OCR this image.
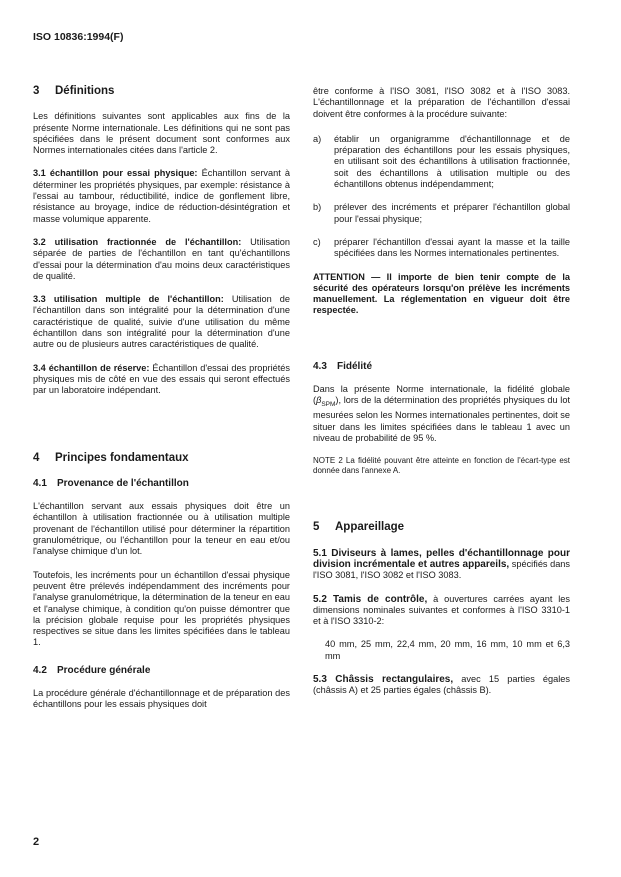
ISO 10836:1994(F)
3 Définitions

Les définitions suivantes sont applicables aux fins de la présente Norme internationale. Les définitions qui ne sont pas spécifiées dans le présent document sont conformes aux Normes internationales citées dans l'article 2.

3.1 échantillon pour essai physique: Échantillon servant à déterminer les propriétés physiques, par exemple: résistance à l'essai au tambour, réductibilité, indice de gonflement libre, résistance au broyage, indice de réduction-désintégration et masse volumique apparente.

3.2 utilisation fractionnée de l'échantillon: Utilisation séparée de parties de l'échantillon en tant qu'échantillons d'essai pour la détermination d'au moins deux caractéristiques de qualité.

3.3 utilisation multiple de l'échantillon: Utilisation de l'échantillon dans son intégralité pour la détermination d'une caractéristique de qualité, suivie d'une utilisation du même échantillon dans son intégralité pour la détermination d'une autre ou de plusieurs autres caractéristiques de qualité.

3.4 échantillon de réserve: Échantillon d'essai des propriétés physiques mis de côté en vue des essais qui seront effectués par un laboratoire indépendant.

4 Principes fondamentaux
4.1 Provenance de l'échantillon

L'échantillon servant aux essais physiques doit être un échantillon à utilisation fractionnée ou à utilisation multiple provenant de l'échantillon utilisé pour déterminer la répartition granulométrique, ou l'échantillon pour la teneur en eau et/ou l'analyse chimique d'un lot.

Toutefois, les incréments pour un échantillon d'essai physique peuvent être prélevés indépendamment des incréments pour l'analyse granulométrique, la détermination de la teneur en eau et l'analyse chimique, à condition qu'on puisse démontrer que la précision globale requise pour les propriétés physiques respectives se situe dans les limites spécifiées dans le tableau 1.

4.2 Procédure générale

La procédure générale d'échantillonnage et de préparation des échantillons pour les essais physiques doit

être conforme à l'ISO 3081, l'ISO 3082 et à l'ISO 3083. L'échantillonnage et la préparation de l'échantillon d'essai doivent être conformes à la procédure suivante:

a)	établir un organigramme d'échantillonnage et de préparation des échantillons pour les essais physiques, en utilisant soit des échantillons à utilisation fractionnée, soit des échantillons à utilisation multiple ou des échantillons obtenus indépendamment;
b)	prélever des incréments et préparer l'échantillon global pour l'essai physique;
c)	préparer l'échantillon d'essai ayant la masse et la taille spécifiées dans les Normes internationales pertinentes.

ATTENTION — Il importe de bien tenir compte de la sécurité des opérateurs lorsqu'on prélève les incréments manuellement. La réglementation en vigueur doit être respectée.

4.3 Fidélité

Dans la présente Norme internationale, la fidélité globale $(\beta_{SPM})$, lors de la détermination des propriétés physiques du lot mesurées selon les Normes internationales pertinentes, doit se situer dans les limites spécifiées dans le tableau 1 avec un niveau de probabilité de 95 %.

NOTE 2 La fidélité pouvant être atteinte en fonction de l'écart-type est donnée dans l'annexe A.

5 Appareillage

5.1 Diviseurs à lames, pelles d'échantillonnage pour division incrémentale et autres appareils, spécifiés dans l'ISO 3081, l'ISO 3082 et l'ISO 3083.

5.2 Tamis de contrôle, à ouvertures carrées ayant les dimensions nominales suivantes et conformes à l'ISO 3310-1 et à l'ISO 3310-2:

40 mm, 25 mm, 22,4 mm, 20 mm, 16 mm, 10 mm et 6,3 mm

5.3 Châssis rectangulaires, avec 15 parties égales (châssis A) et 25 parties égales (châssis B).

2
